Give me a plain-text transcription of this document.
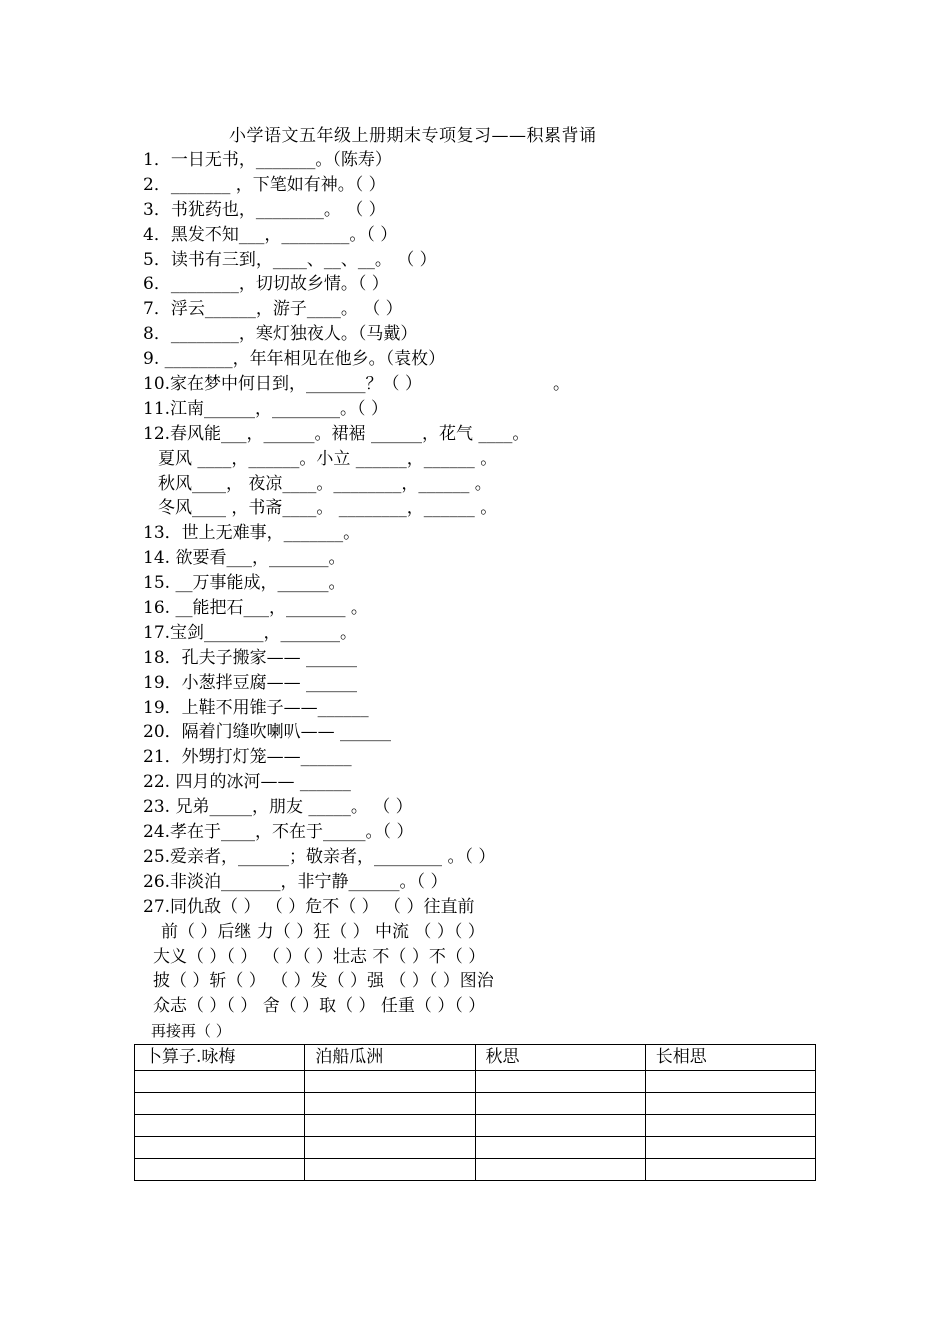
小学语文五年级上册期末专项复习——积累背诵
1．一日无书，_______。（陈寿）
2．_______ ，下笔如有神。（ ）
3．书犹药也，________。 （ ）
4．黑发不知___，________。（ ）
5．读书有三到，____、__、__。 （ ）
6．________，切切故乡情。（ ）
7．浮云______，游子____。 （ ）
8．________，寒灯独夜人。（马戴）
9. ________，年年相见在他乡。（袁枚）
10.家在梦中何日到，_______？（ ）	。
11.江南______，________。（ ）
12.春风能___，______。裙裾 ______，花气 ____。
夏风 ____，______。小立 ______，______ 。
秋风____， 夜凉____。________，______ 。
冬风____ ，书斋____。 ________，______ 。
13．世上无难事，_______。
14. 欲要看___，_______。
15. __万事能成，______。
16. __能把石___，_______ 。
17.宝剑_______，_______。
18．孔夫子搬家—— ______
19．小葱拌豆腐—— ______
19．上鞋不用锥子——______
20．隔着门缝吹喇叭—— ______
21．外甥打灯笼——______
22. 四月的冰河—— ______
23. 兄弟_____，朋友 _____。 （ ）
24.孝在于____，不在于_____。（ ）
25.爱亲者，______；敬亲者，________ 。（ ）
26.非淡泊_______，非宁静______。（ ）
27.同仇敌（ ） （ ）危不（ ） （ ）往直前
前（ ）后继 力（ ）狂（ ） 中流 （ ）（ ）
大义（ ）（ ） （ ）（ ）壮志 不（ ）不（ ）
披（ ）斩（ ） （ ）发（ ）强 （ ）（ ）图治
众志（ ）（ ） 舍（ ）取（ ） 任重（ ）（ ）
再接再（ ）
卜算子.咏梅	泊船瓜洲	秋思	长相思
